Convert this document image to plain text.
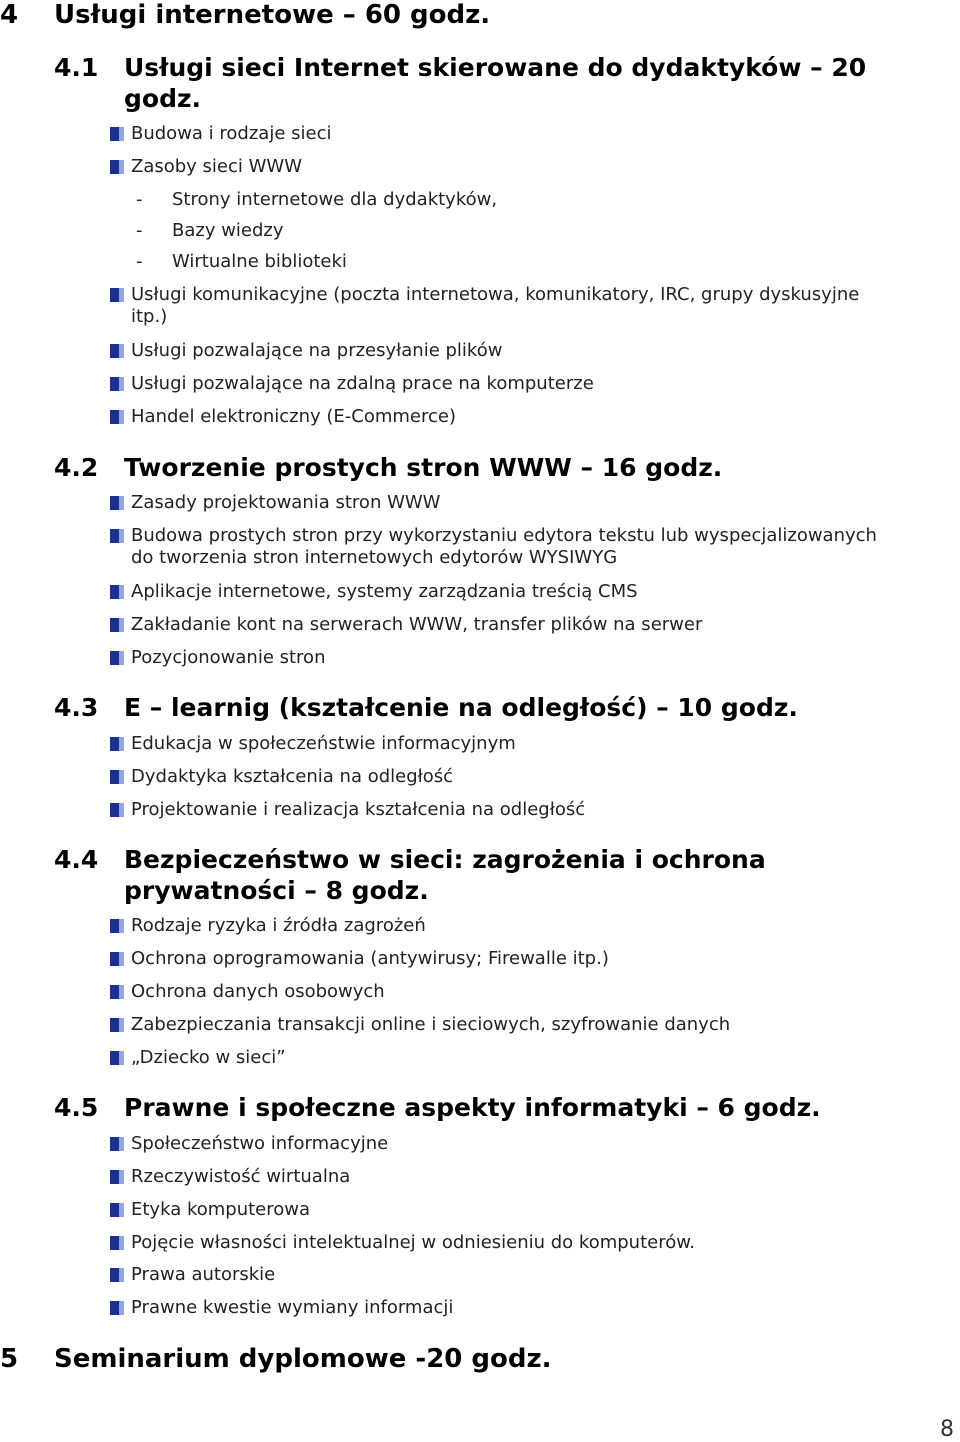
4 Usługi internetowe – 60 godz.
4.1 Usługi sieci Internet skierowane do dydaktyków – 20 godz.
Budowa i rodzaje sieci
Zasoby sieci WWW
- Strony internetowe dla dydaktyków,
- Bazy wiedzy
- Wirtualne biblioteki
Usługi komunikacyjne (poczta internetowa, komunikatory, IRC, grupy dyskusyjne itp.)
Usługi pozwalające na przesyłanie plików
Usługi pozwalające na zdalną prace na komputerze
Handel elektroniczny (E-Commerce)
4.2 Tworzenie prostych stron WWW – 16 godz.
Zasady projektowania stron WWW
Budowa prostych stron przy wykorzystaniu edytora tekstu lub wyspecjalizowanych do tworzenia stron internetowych edytorów WYSIWYG
Aplikacje internetowe, systemy zarządzania treścią CMS
Zakładanie kont na serwerach WWW, transfer plików na serwer
Pozycjonowanie stron
4.3 E – learnig (kształcenie na odległość) – 10 godz.
Edukacja w społeczeństwie informacyjnym
Dydaktyka kształcenia na odległość
Projektowanie i realizacja kształcenia na odległość
4.4 Bezpieczeństwo w sieci: zagrożenia i ochrona prywatności – 8 godz.
Rodzaje ryzyka i źródła zagrożeń
Ochrona oprogramowania (antywirusy; Firewalle itp.)
Ochrona danych osobowych
Zabezpieczania transakcji online i sieciowych, szyfrowanie danych
„Dziecko w sieci”
4.5 Prawne i społeczne aspekty informatyki – 6 godz.
Społeczeństwo informacyjne
Rzeczywistość wirtualna
Etyka komputerowa
Pojęcie własności intelektualnej w odniesieniu do komputerów.
Prawa autorskie
Prawne kwestie wymiany informacji
5 Seminarium dyplomowe -20 godz.
8
